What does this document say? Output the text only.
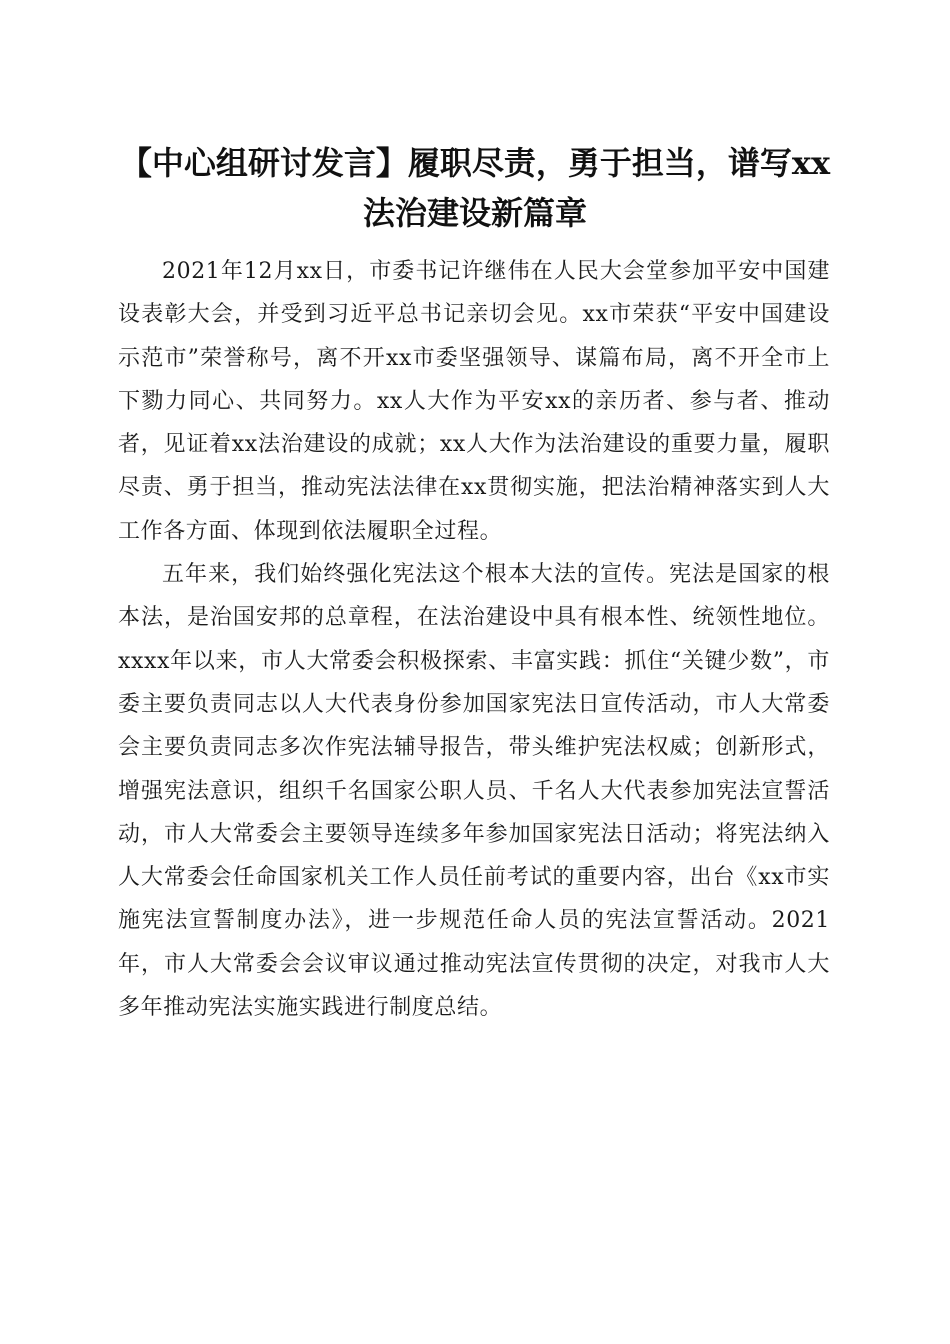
【中心组研讨发言】履职尽责，勇于担当，谱写xx法治建设新篇章

2021年12月xx日，市委书记许继伟在人民大会堂参加平安中国建设表彰大会，并受到习近平总书记亲切会见。xx市荣获“平安中国建设示范市”荣誉称号，离不开xx市委坚强领导、谋篇布局，离不开全市上下勠力同心、共同努力。xx人大作为平安xx的亲历者、参与者、推动者，见证着xx法治建设的成就；xx人大作为法治建设的重要力量，履职尽责、勇于担当，推动宪法法律在xx贯彻实施，把法治精神落实到人大工作各方面、体现到依法履职全过程。

五年来，我们始终强化宪法这个根本大法的宣传。宪法是国家的根本法，是治国安邦的总章程，在法治建设中具有根本性、统领性地位。xxxx年以来，市人大常委会积极探索、丰富实践：抓住“关键少数”，市委主要负责同志以人大代表身份参加国家宪法日宣传活动，市人大常委会主要负责同志多次作宪法辅导报告，带头维护宪法权威；创新形式，增强宪法意识，组织千名国家公职人员、千名人大代表参加宪法宣誓活动，市人大常委会主要领导连续多年参加国家宪法日活动；将宪法纳入人大常委会任命国家机关工作人员任前考试的重要内容，出台《xx市实施宪法宣誓制度办法》，进一步规范任命人员的宪法宣誓活动。2021年，市人大常委会会议审议通过推动宪法宣传贯彻的决定，对我市人大多年推动宪法实施实践进行制度总结。
